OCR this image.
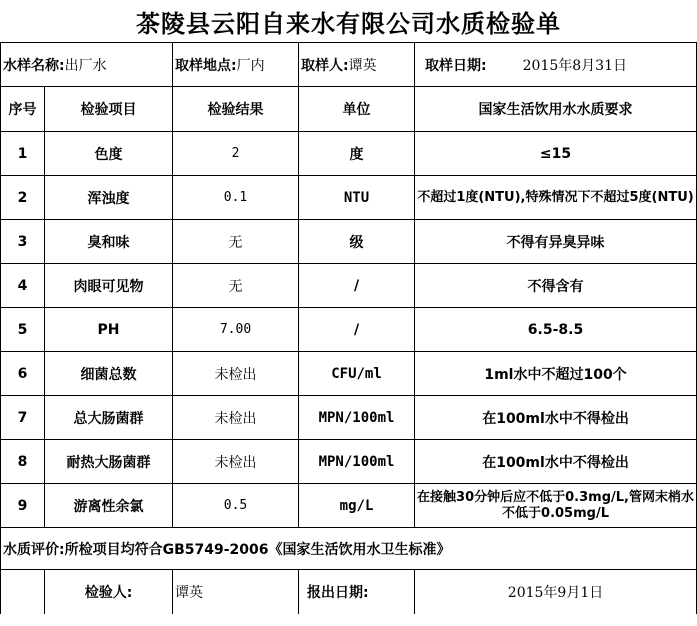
茶陵县云阳自来水有限公司水质检验单
水样名称:出厂水		取样地点:厂内	取样人:谭英	取样日期: 2015年8月31日
序号	检验项目	检验结果	单位	国家生活饮用水水质要求
1	色度	2	度	≤15
2	浑浊度	0.1	NTU	不超过1度(NTU),特殊情况下不超过5度(NTU)
3	臭和味	无	级	不得有异臭异味
4	肉眼可见物	无	/	不得含有
5	PH	7.00	/	6.5-8.5
6	细菌总数	未检出	CFU/ml	1ml水中不超过100个
7	总大肠菌群	未检出	MPN/100ml	在100ml水中不得检出
8	耐热大肠菌群	未检出	MPN/100ml	在100ml水中不得检出
9	游离性余氯	0.5	mg/L	在接触30分钟后应不低于0.3mg/L,管网末梢水不低于0.05mg/L
水质评价:所检项目均符合GB5749-2006《国家生活饮用水卫生标准》				
	检验人:	谭英	报出日期:	2015年9月1日
